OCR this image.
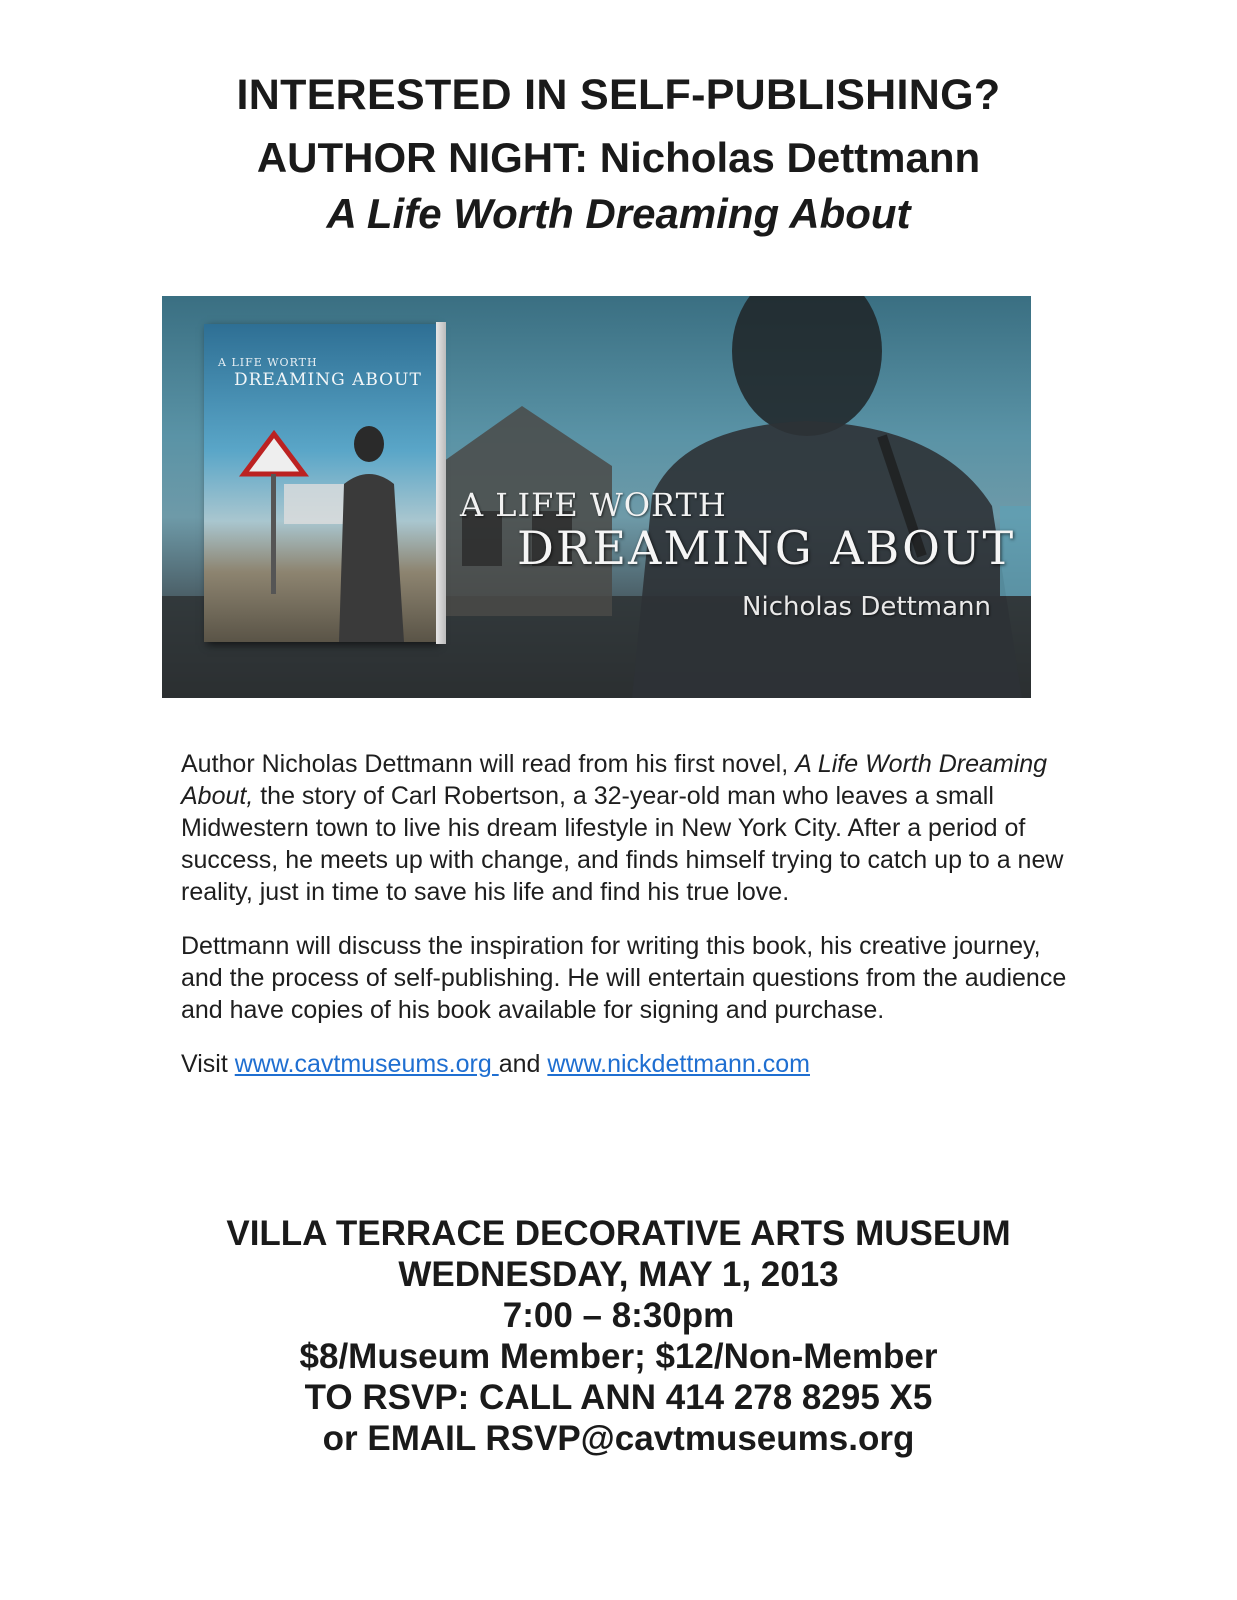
INTERESTED IN SELF-PUBLISHING?

AUTHOR NIGHT: Nicholas Dettmann

A Life Worth Dreaming About

A LIFE WORTH
DREAMING ABOUT
A LIFE WORTH
DREAMING ABOUT
Nicholas Dettmann

Author Nicholas Dettmann will read from his first novel, A Life Worth Dreaming About, the story of Carl Robertson, a 32-year-old man who leaves a small Midwestern town to live his dream lifestyle in New York City. After a period of success, he meets up with change, and finds himself trying to catch up to a new reality, just in time to save his life and find his true love.

Dettmann will discuss the inspiration for writing this book, his creative journey, and the process of self-publishing. He will entertain questions from the audience and have copies of his book available for signing and purchase.

Visit www.cavtmuseums.org and www.nickdettmann.com

VILLA TERRACE DECORATIVE ARTS MUSEUM
WEDNESDAY, MAY 1, 2013
7:00 – 8:30pm
$8/Museum Member; $12/Non-Member
TO RSVP: CALL ANN 414 278 8295 X5
or EMAIL RSVP@cavtmuseums.org
